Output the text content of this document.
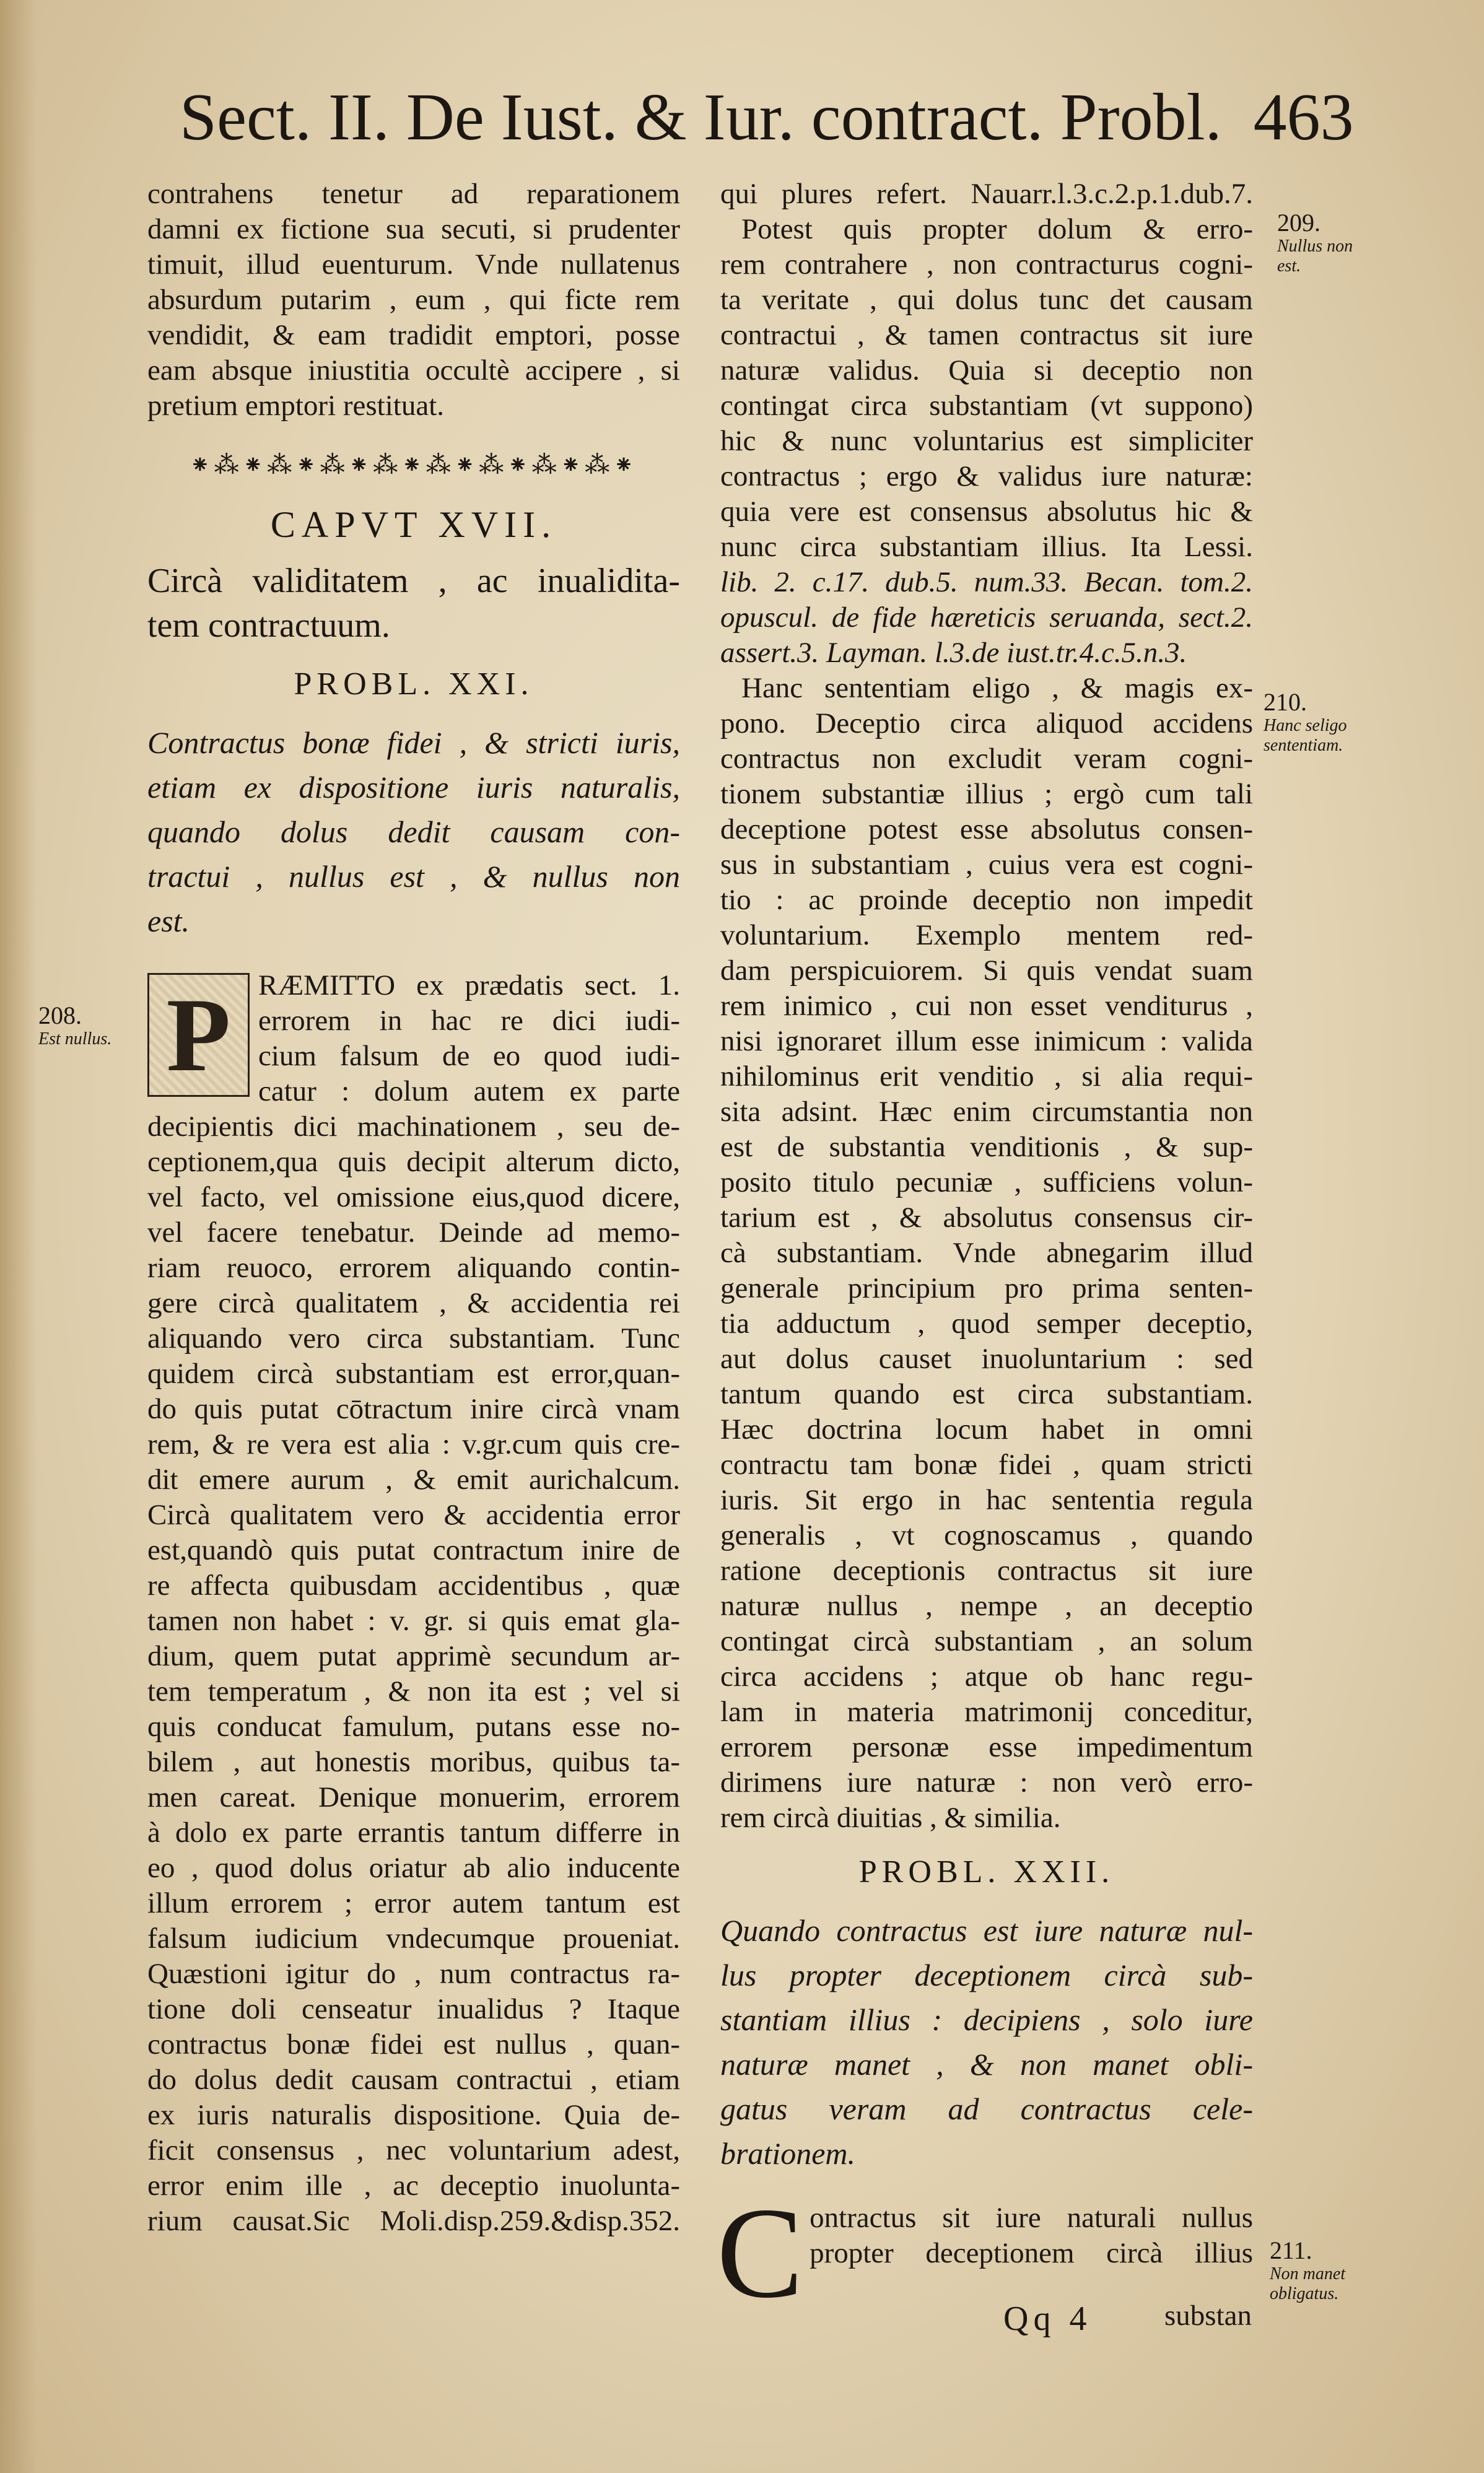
Sect. II. De Iust. & Iur. contract. Probl. 463

contrahens tenetur ad reparationem

damni ex fictione sua secuti, si prudenter

timuit, illud euenturum. Vnde nullatenus

absurdum putarim , eum , qui ficte rem

vendidit, & eam tradidit emptori, posse

eam absque iniustitia occultè accipere , si

pretium emptori restituat.

⁕⁂⁕⁂⁕⁂⁕⁂⁕⁂⁕⁂⁕⁂⁕⁂⁕
CAPVT XVII.

Circà validitatem , ac inualidita-

tem contractuum.

PROBL. XXI.

Contractus bonæ fidei , & stricti iuris,

etiam ex dispositione iuris naturalis,

quando dolus dedit causam con-

tractui , nullus est , & nullus non

est.

P RÆMITTO ex prædatis sect. 1.

errorem in hac re dici iudi-

cium falsum de eo quod iudi-

catur : dolum autem ex parte

decipientis dici machinationem , seu de-

ceptionem,qua quis decipit alterum dicto,

vel facto, vel omissione eius,quod dicere,

vel facere tenebatur. Deinde ad memo-

riam reuoco, errorem aliquando contin-

gere circà qualitatem , & accidentia rei

aliquando vero circa substantiam. Tunc

quidem circà substantiam est error,quan-

do quis putat cōtractum inire circà vnam

rem, & re vera est alia : v.gr.cum quis cre-

dit emere aurum , & emit aurichalcum.

Circà qualitatem vero & accidentia error

est,quandò quis putat contractum inire de

re affecta quibusdam accidentibus , quæ

tamen non habet : v. gr. si quis emat gla-

dium, quem putat apprimè secundum ar-

tem temperatum , & non ita est ; vel si

quis conducat famulum, putans esse no-

bilem , aut honestis moribus, quibus ta-

men careat. Denique monuerim, errorem

à dolo ex parte errantis tantum differre in

eo , quod dolus oriatur ab alio inducente

illum errorem ; error autem tantum est

falsum iudicium vndecumque proueniat.

Quæstioni igitur do , num contractus ra-

tione doli censeatur inualidus ? Itaque

contractus bonæ fidei est nullus , quan-

do dolus dedit causam contractui , etiam

ex iuris naturalis dispositione. Quia de-

ficit consensus , nec voluntarium adest,

error enim ille , ac deceptio inuolunta-

rium causat.Sic Moli.disp.259.&disp.352.

qui plures refert. Nauarr.l.3.c.2.p.1.dub.7.

Potest quis propter dolum & erro-

rem contrahere , non contracturus cogni-

ta veritate , qui dolus tunc det causam

contractui , & tamen contractus sit iure

naturæ validus. Quia si deceptio non

contingat circa substantiam (vt suppono)

hic & nunc voluntarius est simpliciter

contractus ; ergo & validus iure naturæ:

quia vere est consensus absolutus hic &

nunc circa substantiam illius. Ita Lessi.

lib. 2. c.17. dub.5. num.33. Becan. tom.2.

opuscul. de fide hæreticis seruanda, sect.2.

assert.3. Layman. l.3.de iust.tr.4.c.5.n.3.

Hanc sententiam eligo , & magis ex-

pono. Deceptio circa aliquod accidens

contractus non excludit veram cogni-

tionem substantiæ illius ; ergò cum tali

deceptione potest esse absolutus consen-

sus in substantiam , cuius vera est cogni-

tio : ac proinde deceptio non impedit

voluntarium. Exemplo mentem red-

dam perspicuiorem. Si quis vendat suam

rem inimico , cui non esset venditurus ,

nisi ignoraret illum esse inimicum : valida

nihilominus erit venditio , si alia requi-

sita adsint. Hæc enim circumstantia non

est de substantia venditionis , & sup-

posito titulo pecuniæ , sufficiens volun-

tarium est , & absolutus consensus cir-

cà substantiam. Vnde abnegarim illud

generale principium pro prima senten-

tia adductum , quod semper deceptio,

aut dolus causet inuoluntarium : sed

tantum quando est circa substantiam.

Hæc doctrina locum habet in omni

contractu tam bonæ fidei , quam stricti

iuris. Sit ergo in hac sententia regula

generalis , vt cognoscamus , quando

ratione deceptionis contractus sit iure

naturæ nullus , nempe , an deceptio

contingat circà substantiam , an solum

circa accidens ; atque ob hanc regu-

lam in materia matrimonij conceditur,

errorem personæ esse impedimentum

dirimens iure naturæ : non verò erro-

rem circà diuitias , & similia.

PROBL. XXII.

Quando contractus est iure naturæ nul-

lus propter deceptionem circà sub-

stantiam illius : decipiens , solo iure

naturæ manet , & non manet obli-

gatus veram ad contractus cele-

brationem.

C ontractus sit iure naturali nullus

propter deceptionem circà illius

208.
Est nullus.
209.
Nullus non est.
210.
Hanc seligo sententiam.
211.
Non manet obligatus.
Qq 4	substan
